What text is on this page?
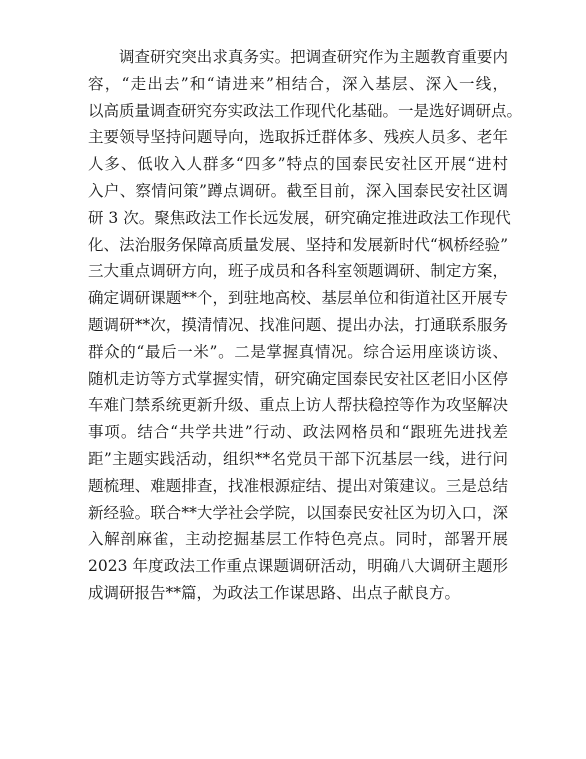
调查研究突出求真务实。把调查研究作为主题教育重要内
容，“走出去”和“请进来”相结合，深入基层、深入一线，
以高质量调查研究夯实政法工作现代化基础。一是选好调研点。
主要领导坚持问题导向，选取拆迁群体多、残疾人员多、老年
人多、低收入人群多“四多”特点的国泰民安社区开展“进村
入户、察情问策”蹲点调研。截至目前，深入国泰民安社区调
研 3 次。聚焦政法工作长远发展，研究确定推进政法工作现代
化、法治服务保障高质量发展、坚持和发展新时代“枫桥经验”
三大重点调研方向，班子成员和各科室领题调研、制定方案，
确定调研课题**个，到驻地高校、基层单位和街道社区开展专
题调研**次，摸清情况、找准问题、提出办法，打通联系服务
群众的“最后一米”。二是掌握真情况。综合运用座谈访谈、
随机走访等方式掌握实情，研究确定国泰民安社区老旧小区停
车难门禁系统更新升级、重点上访人帮扶稳控等作为攻坚解决
事项。结合“共学共进”行动、政法网格员和“跟班先进找差
距”主题实践活动，组织**名党员干部下沉基层一线，进行问
题梳理、难题排查，找准根源症结、提出对策建议。三是总结
新经验。联合**大学社会学院，以国泰民安社区为切入口，深
入解剖麻雀，主动挖掘基层工作特色亮点。同时，部署开展
2023 年度政法工作重点课题调研活动，明确八大调研主题形
成调研报告**篇，为政法工作谋思路、出点子献良方。
